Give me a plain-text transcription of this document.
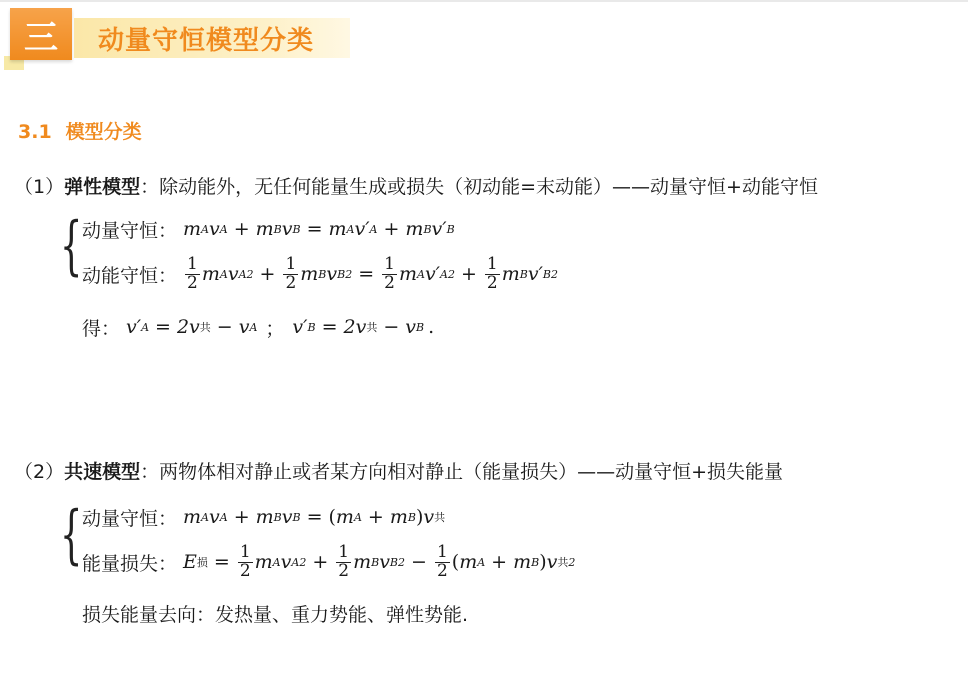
三	动量守恒模型分类
3.1 模型分类
（1）弹性模型：除动能外，无任何能量生成或损失（初动能=末动能）——动量守恒+动能守恒
{ 动量守恒： m A v A + m B v B = m A v′ A + m B v′ B
动能守恒： $\frac{1}{2}$ m A v A $2 + \frac{1}{2}$ m B v B $2 = \frac{1}{2}$ m A v′ A $2 + \frac{1}{2}$ m B v′ B 2
得： v′ A = 2v 共 − v A ； v′ B = 2v 共 − v B .
（2）共速模型：两物体相对静止或者某方向相对静止（能量损失）——动量守恒+损失能量
{ 动量守恒： m A v A + m B v B = ( m A + m B ) v 共
能量损失： E 损 = $\frac{1}{2}$ m A v A $2 + \frac{1}{2}$ m B v B $2 - \frac{1}{2}$ ( m A + m B ) v 共 2
损失能量去向：发热量、重力势能、弹性势能.
